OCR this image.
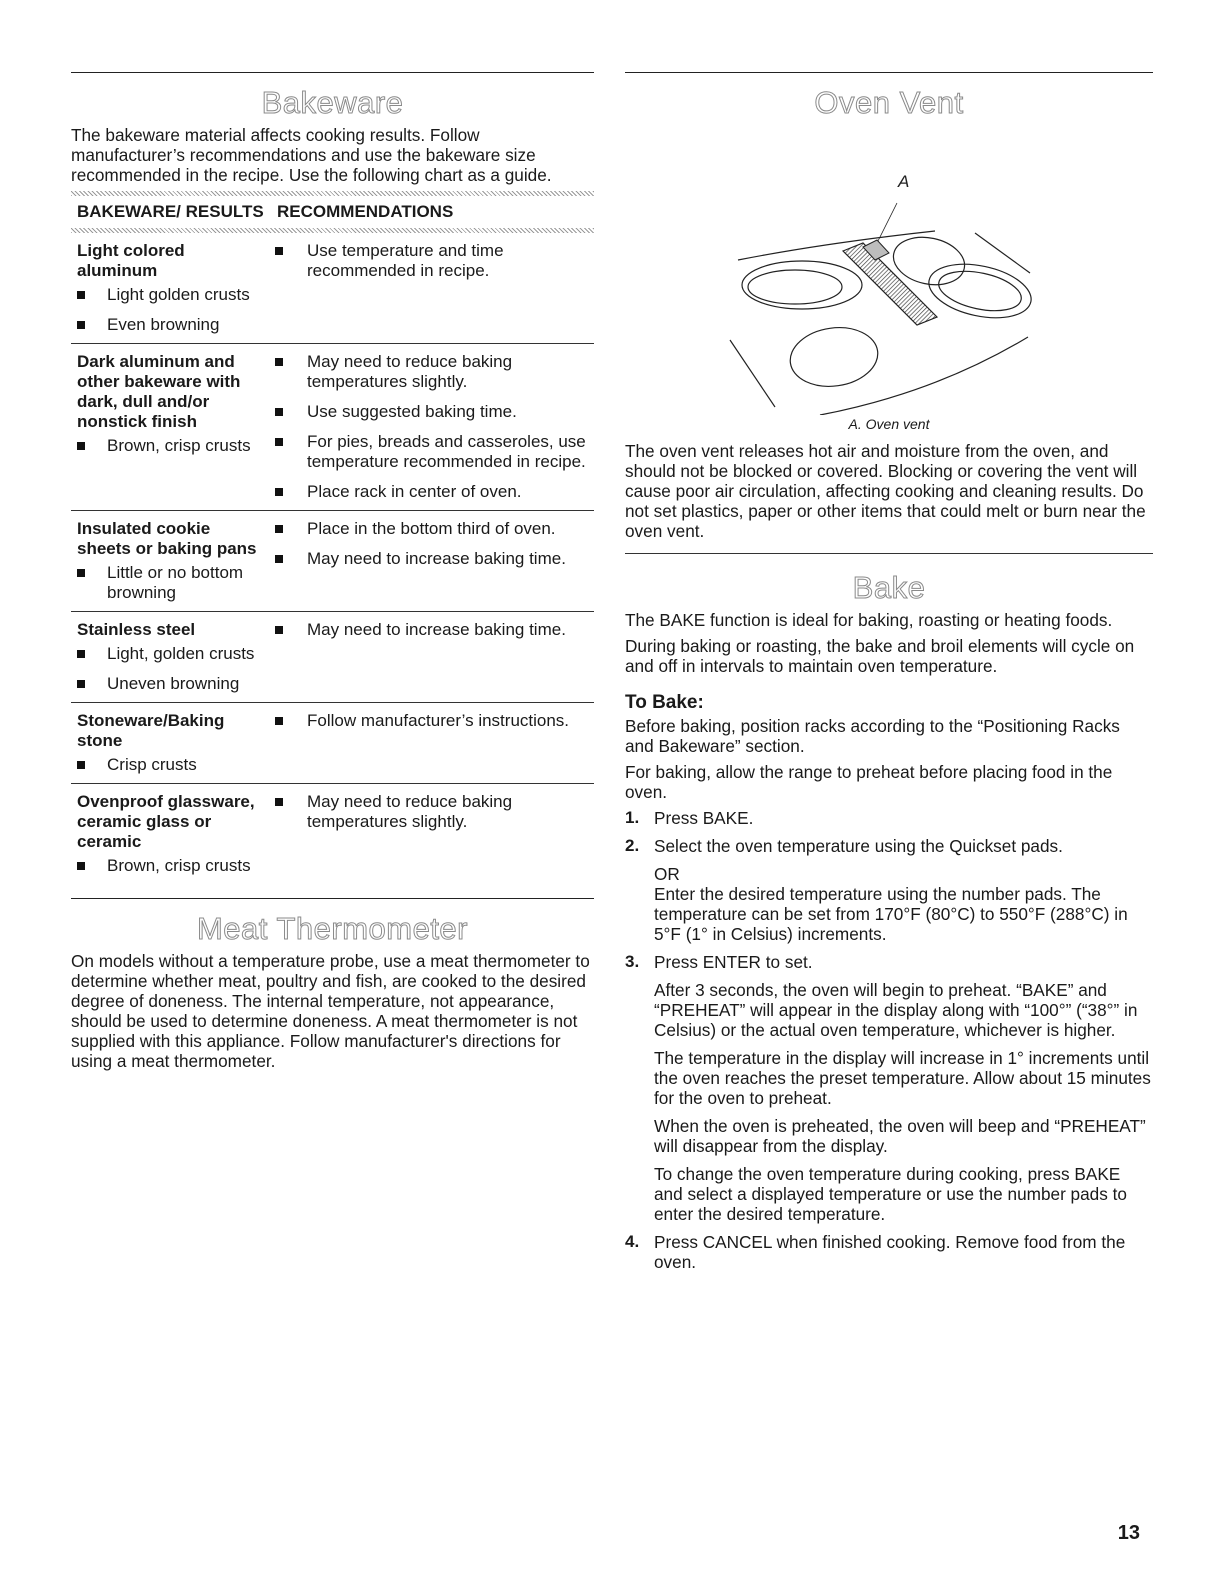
Bakeware

The bakeware material affects cooking results. Follow manufacturer’s recommendations and use the bakeware size recommended in the recipe. Use the following chart as a guide.

BAKEWARE/ RESULTS RECOMMENDATIONS
Light colored aluminum
Light golden crusts
Even browning
Use temperature and time recommended in recipe.
Dark aluminum and other bakeware with dark, dull and/or nonstick finish
Brown, crisp crusts
May need to reduce baking temperatures slightly.
Use suggested baking time.
For pies, breads and casseroles, use temperature recommended in recipe.
Place rack in center of oven.
Insulated cookie sheets or baking pans
Little or no bottom browning
Place in the bottom third of oven.
May need to increase baking time.
Stainless steel
Light, golden crusts
Uneven browning
May need to increase baking time.
Stoneware/Baking stone
Crisp crusts
Follow manufacturer’s instructions.
Ovenproof glassware, ceramic glass or ceramic
Brown, crisp crusts
May need to reduce baking temperatures slightly.
Meat Thermometer

On models without a temperature probe, use a meat thermometer to determine whether meat, poultry and fish, are cooked to the desired degree of doneness. The internal temperature, not appearance, should be used to determine doneness. A meat thermometer is not supplied with this appliance. Follow manufacturer's directions for using a meat thermometer.

Oven Vent
A
A. Oven vent

The oven vent releases hot air and moisture from the oven, and should not be blocked or covered. Blocking or covering the vent will cause poor air circulation, affecting cooking and cleaning results. Do not set plastics, paper or other items that could melt or burn near the oven vent.

Bake

The BAKE function is ideal for baking, roasting or heating foods.

During baking or roasting, the bake and broil elements will cycle on and off in intervals to maintain oven temperature.

To Bake:

Before baking, position racks according to the “Positioning Racks and Bakeware” section.

For baking, allow the range to preheat before placing food in the oven.

1. Press BAKE.

2. Select the oven temperature using the Quickset pads.

OR
Enter the desired temperature using the number pads. The temperature can be set from 170°F (80°C) to 550°F (288°C) in 5°F (1° in Celsius) increments.

3. Press ENTER to set.

After 3 seconds, the oven will begin to preheat. “BAKE” and “PREHEAT” will appear in the display along with “100°” (“38°” in Celsius) or the actual oven temperature, whichever is higher.

The temperature in the display will increase in 1° increments until the oven reaches the preset temperature. Allow about 15 minutes for the oven to preheat.

When the oven is preheated, the oven will beep and “PREHEAT” will disappear from the display.

To change the oven temperature during cooking, press BAKE and select a displayed temperature or use the number pads to enter the desired temperature.

4. Press CANCEL when finished cooking. Remove food from the oven.

13
